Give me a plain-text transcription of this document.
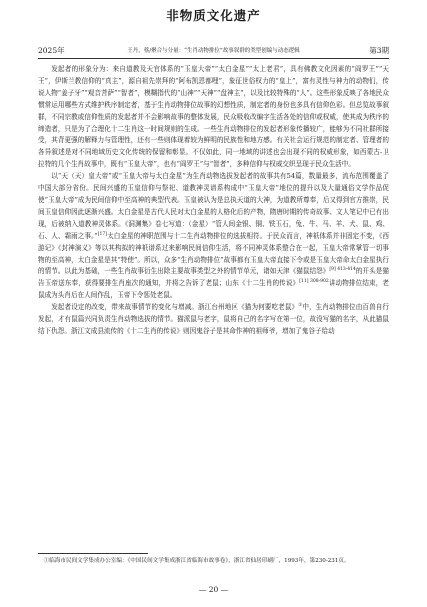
非物质文化遗产
2025年	王丹，蔡/聚合与分量：“生肖动物排位”故事叙群的类型创编与动态逻辑	第3期

发起者的形象分为：来自道教及天官体系的“玉皇大帝”“太白金星”“太上老君”，具有佛教文化因素的“阎罗王”“天王”，伊斯兰教信仰的“真主”，源自祖先崇拜的“阿布凯恩都哩”，象征世俗权力的“皇上”，富有灵性与神力的动物们，传说人物“姜子牙”“观音菩萨”“智者”，模糊指代的“山神”“天神”“盘神主”，以及比较特殊的“人”。这些形象反映了各地民众惯常运用哪些方式维护秩序制定者，基于生肖动物排位故事的幻想性质，制定者的身份也多具有信仰色彩。但总览故事叙群，不同宗教或信仰性质的发起者并不会影响故事的整体发展，民众吸收改编字生活各处的信仰或权威，使其成为秩序的缔造者，只是为了合理化十二生肖这一时间规则的生成。一些生肖动物排位的发起者形象传播较广，能够为不同社群所接受，其背更强的解释力与管理性，还有一些则体现着较为鲜明的民族性和地方感。有关社会运行规范的制定者、管理者的各异叙述是对不同地域历史文化传统的保留和彰显。不仅如此，同一地域的讲述也会出现不同的权威形象，如西蒙古-卫拉特的几个生肖故事中，既有“玉皇大帝”，也有“阎罗王”与“智者”，多种信仰与权威交织呈现于民众生活中。

以“天（天）皇大帝”或“玉皇大帝与太白金星”为生肖动物选拔发起者的故事共有54篇，数量最多，流布范围覆盖了中国大部分省份。民间兴盛的玉皇信仰与祭祀、道教神灵谱系构成中“玉皇大帝”地位的提升以及大量通俗文学作品促使“玉皇大帝”成为民间信仰中至高神的典型代表。玉皇被认为是总执天道的大神，为道教所尊奉，后又得到官方推崇，民间玉皇信仰因此逐渐兴盛。太白金星是古代人民对太白金星的人格化后的产物，隋唐时期的传奇故事、文人笔记中已有出现，后被纳入道教神灵体系。《洞渊集》卷七写道：（金星）“管人间金银、铜、铁玉石，兔、牛、马、羊、犬、鼠、鸡、石、人、霜雨之事。”[17]太白金星的神职范围与十二生肖动物排位的选拔相符。于民众而言，神祇体系并非固定不变，《西游记》《封神演义》等以其构拟的神祇谱系过来影响民间信仰生活，将不同神灵体系整合在一起，玉皇大帝常掌管一切事物的至高神，太白金星是其“特使”。所以，众多“生肖动物排位”故事都有玉皇大帝直接下令或是玉皇大帝命太白金星执行的情节。以此为基础，一些生肖故事衍生出除主要故事类型之外的情节单元，诸如天津《猫鼠结怨》$^{[9] 413-414}$的开头是猫告玉帝送东奉，获得要排生肖座次的通知，并将之告诉了老鼠；山东《十二生肖的传说》$^{[11] 308-902}$讲动物排位结束，老鼠成为头肖后在人间作乱，玉帝下令惩处老鼠。

发起者设定的改变，带来故事情节的变化与增减。浙江台州地区《猫为何要吃老鼠》①中，生肖动物排位由百兽自行发起，才有鼠篇兴同负责生肖动物选拔的情节。猫派鼠与老字，鼠将自己的名字写在第一位，故没写猫的名字，从此猫鼠结下仇怨。浙江文成县流传的《十二生肖的传说》则因鬼谷子是其命作神的祖师爷，增加了鬼谷子给动

①临海市民间文学集成办公室编：《中国民间文学集成浙江省临海市故事卷》，浙江省仙居印刷厂，1993年，第230-231页。
— 20 —
